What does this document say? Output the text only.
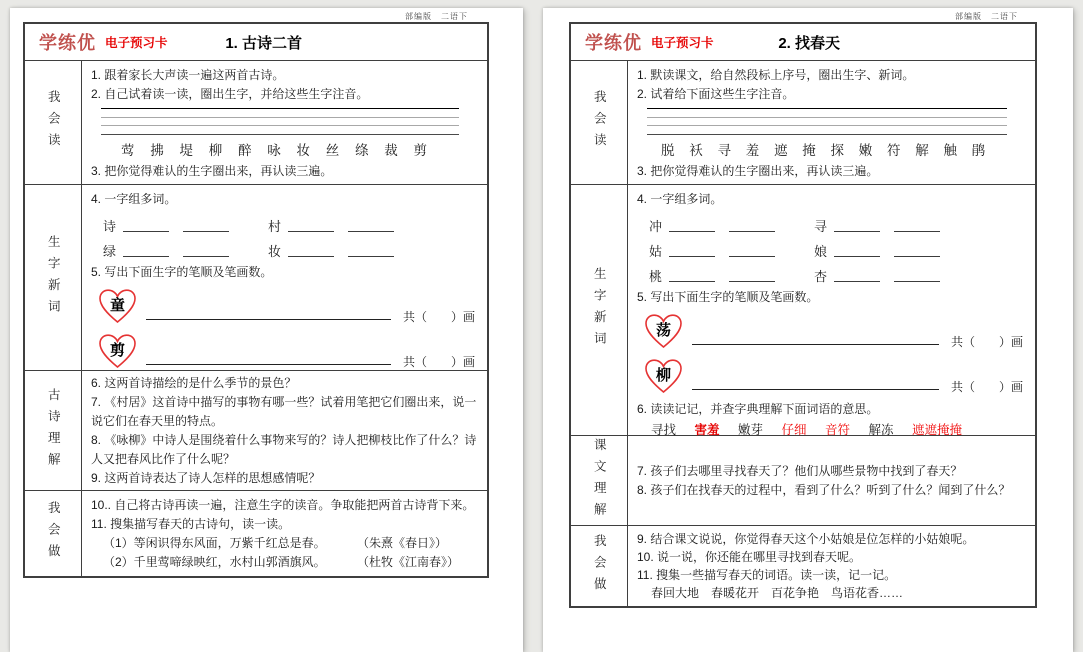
部编版　二语下
学练优 电子预习卡	1. 古诗二首
我会读

1. 跟着家长大声读一遍这两首古诗。

2. 自己试着读一读，圈出生字，并给这些生字注音。

莺 拂 堤 柳 醉 咏 妆 丝 绦 裁 剪

3. 把你觉得难认的生字圈出来，再认读三遍。

生字新词

4. 一字组多词。

诗	村
绿	妆

5. 写出下面生字的笔顺及笔画数。

童
共（　　）画
剪
共（　　）画
古诗理解

6. 这两首诗描绘的是什么季节的景色？

7. 《村居》这首诗中描写的事物有哪一些？试着用笔把它们圈出来，说一说它们在春天里的特点。

8. 《咏柳》中诗人是围绕着什么事物来写的？诗人把柳枝比作了什么？诗人又把春风比作了什么呢？

9. 这两首诗表达了诗人怎样的思想感情呢？

我会做	10.. 自己将古诗再读一遍，注意生字的读音。争取能把两首古诗背下来。

11. 搜集描写春天的古诗句，读一读。

（1）等闲识得东风面，万紫千红总是春。	（朱熹《春日》）
（2）千里莺啼绿映红，水村山郭酒旗风。	（杜牧《江南春》）
部编版　二语下
学练优 电子预习卡	2. 找春天
我会读

1. 默读课文，给自然段标上序号，圈出生字、新词。

2. 试着给下面这些生字注音。

脱 袄 寻 羞 遮 掩 探 嫩 符 解 触 鹃

3. 把你觉得难认的生字圈出来，再认读三遍。

生字新词

4. 一字组多词。

冲	寻
姑	娘
桃	杏

5. 写出下面生字的笔顺及笔画数。

荡
共（　　）画
柳
共（　　）画

6. 读读记记，并查字典理解下面词语的意思。

寻找 害羞 嫩芽 仔细 音符 解冻 遮遮掩掩
课文理解	7. 孩子们去哪里寻找春天了？他们从哪些景物中找到了春天？

8. 孩子们在找春天的过程中，看到了什么？听到了什么？闻到了什么？

我会做	9. 结合课文说说，你觉得春天这个小姑娘是位怎样的小姑娘呢。

10. 说一说，你还能在哪里寻找到春天呢。

11. 搜集一些描写春天的词语。读一读，记一记。

春回大地　春暖花开　百花争艳　鸟语花香……
